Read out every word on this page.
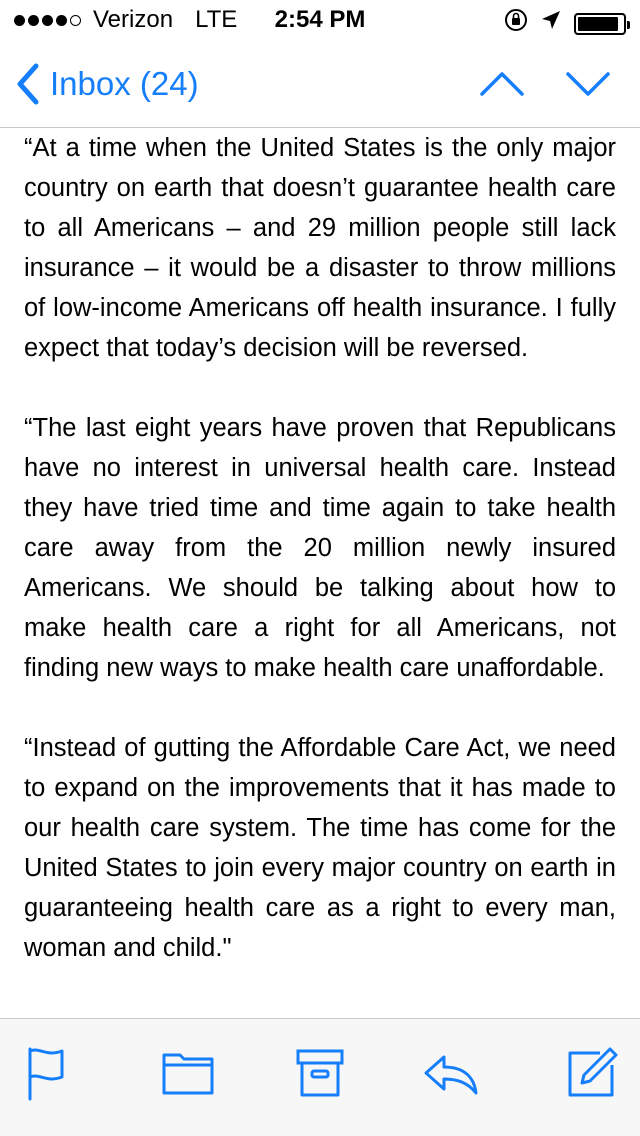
Verizon LTE	2:54 PM
Inbox (24)

“At a time when the United States is the only major country on earth that doesn’t guarantee health care to all Americans – and 29 million people still lack insurance – it would be a disaster to throw millions of low-income Americans off health insurance. I fully expect that today’s decision will be reversed.

“The last eight years have proven that Republicans have no interest in universal health care. Instead they have tried time and time again to take health care away from the 20 million newly insured Americans. We should be talking about how to make health care a right for all Americans, not finding new ways to make health care unaffordable.

“Instead of gutting the Affordable Care Act, we need to expand on the improvements that it has made to our health care system. The time has come for the United States to join every major country on earth in guaranteeing health care as a right to every man, woman and child."
